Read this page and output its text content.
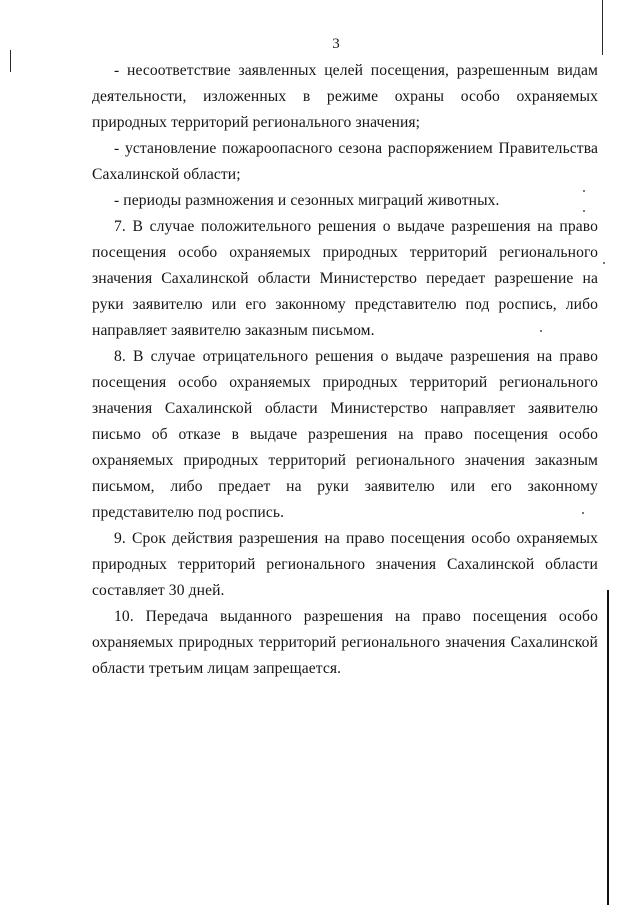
3

- несоответствие заявленных целей посещения, разрешенным видам деятельности, изложенных в режиме охраны особо охраняемых природных территорий регионального значения;

- установление пожароопасного сезона распоряжением Правительства Сахалинской области;

- периоды размножения и сезонных миграций животных.

7. В случае положительного решения о выдаче разрешения на право посещения особо охраняемых природных территорий регионального значения Сахалинской области Министерство передает разрешение на руки заявителю или его законному представителю под роспись, либо направляет заявителю заказным письмом.

8. В случае отрицательного решения о выдаче разрешения на право посещения особо охраняемых природных территорий регионального значения Сахалинской области Министерство направляет заявителю письмо об отказе в выдаче разрешения на право посещения особо охраняемых природных территорий регионального значения заказным письмом, либо предает на руки заявителю или его законному представителю под роспись.

9. Срок действия разрешения на право посещения особо охраняемых природных территорий регионального значения Сахалинской области составляет 30 дней.

10. Передача выданного разрешения на право посещения особо охраняемых природных территорий регионального значения Сахалинской области третьим лицам запрещается.
